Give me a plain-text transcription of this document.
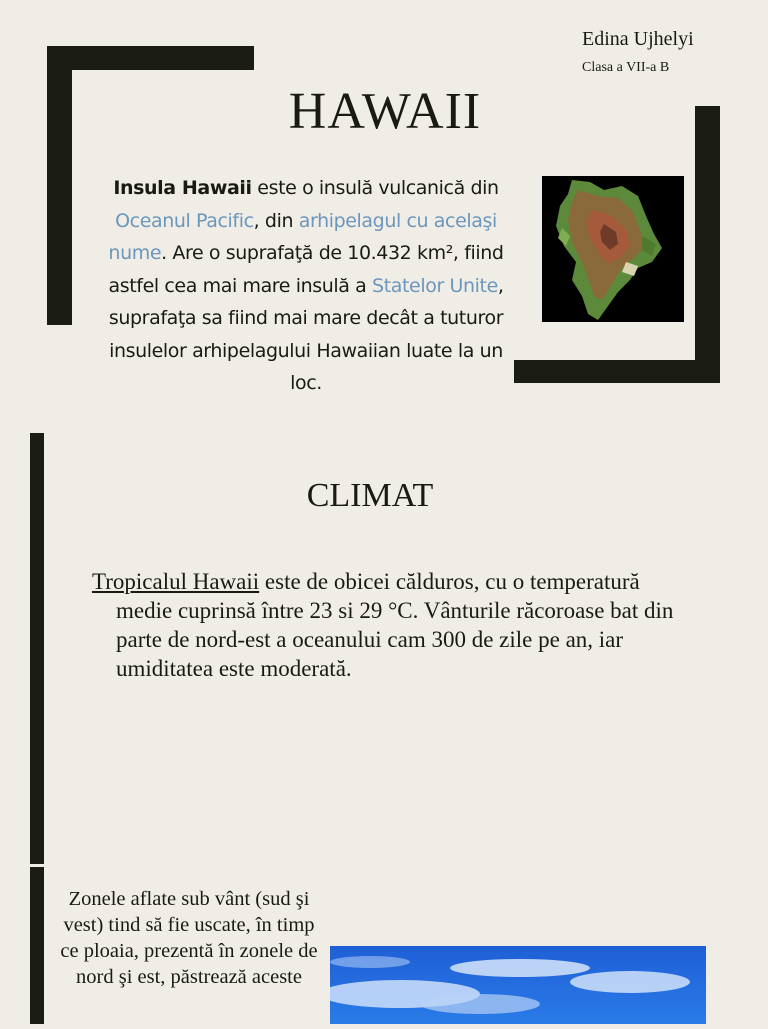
Edina Ujhelyi
Clasa a VII-a B
HAWAII
Insula Hawaii este o insulă vulcanică din Oceanul Pacific, din arhipelagul cu acelaşi nume. Are o suprafaţă de 10.432 km², fiind astfel cea mai mare insulă a Statelor Unite, suprafaţa sa fiind mai mare decât a tuturor insulelor arhipelagului Hawaiian luate la un loc.
CLIMAT
Tropicalul Hawaii este de obicei călduros, cu o temperatură medie cuprinsă între 23 si 29 °C. Vânturile răcoroase bat din parte de nord-est a oceanului cam 300 de zile pe an, iar umiditatea este moderată.
Zonele aflate sub vânt (sud şi vest) tind să fie uscate, în timp ce ploaia, prezentă în zonele de nord şi est, păstrează aceste
